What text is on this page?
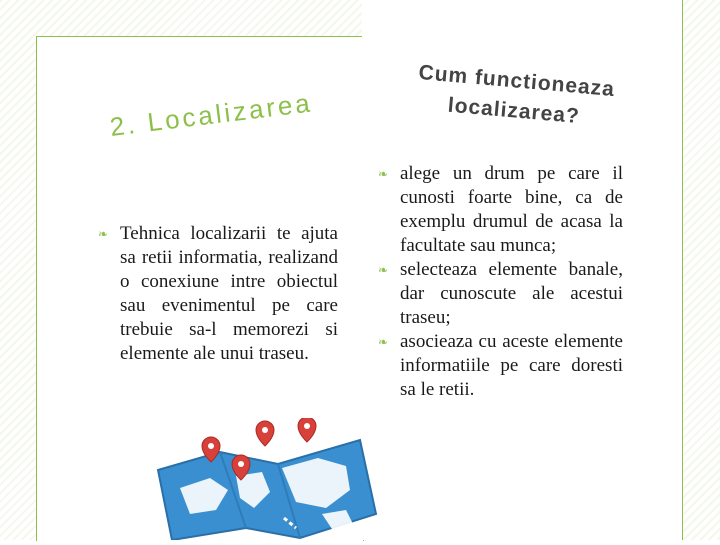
2. Localizarea
Cum functioneaza
localizarea?

❧ Tehnica localizarii te ajuta sa retii informatia, realizand o conexiune intre obiectul sau evenimentul pe care trebuie sa-l memorezi si elemente ale unui traseu.

❧ alege un drum pe care il cunosti foarte bine, ca de exemplu drumul de acasa la facultate sau munca;

❧ selecteaza elemente banale, dar cunoscute ale acestui traseu;

❧ asocieaza cu aceste elemente informatiile pe care doresti sa le retii.
